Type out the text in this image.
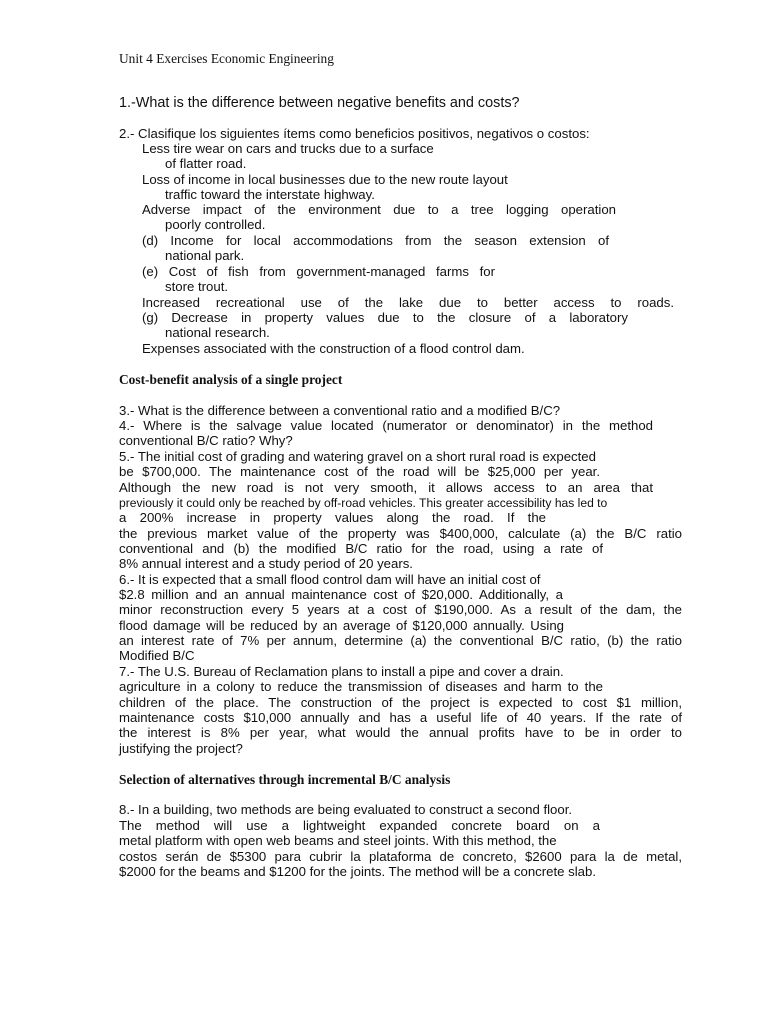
Unit 4 Exercises Economic Engineering

1.-What is the difference between negative benefits and costs?

2.- Clasifique los siguientes ítems como beneficios positivos, negativos o costos:

Less tire wear on cars and trucks due to a surface

of flatter road.

Loss of income in local businesses due to the new route layout

traffic toward the interstate highway.

Adverse impact of the environment due to a tree logging operation

poorly controlled.

(d) Income for local accommodations from the season extension of

national park.

(e) Cost of fish from government-managed farms for

store trout.

Increased recreational use of the lake due to better access to roads.

(g) Decrease in property values due to the closure of a laboratory

national research.

Expenses associated with the construction of a flood control dam.

Cost-benefit analysis of a single project

3.- What is the difference between a conventional ratio and a modified B/C?

4.- Where is the salvage value located (numerator or denominator) in the method

conventional B/C ratio? Why?

5.- The initial cost of grading and watering gravel on a short rural road is expected

be $700,000. The maintenance cost of the road will be $25,000 per year.

Although the new road is not very smooth, it allows access to an area that

previously it could only be reached by off-road vehicles. This greater accessibility has led to

a 200% increase in property values along the road. If the

the previous market value of the property was $400,000, calculate (a) the B/C ratio

conventional and (b) the modified B/C ratio for the road, using a rate of

8% annual interest and a study period of 20 years.

6.- It is expected that a small flood control dam will have an initial cost of

$2.8 million and an annual maintenance cost of $20,000. Additionally, a

minor reconstruction every 5 years at a cost of $190,000. As a result of the dam, the

flood damage will be reduced by an average of $120,000 annually. Using

an interest rate of 7% per annum, determine (a) the conventional B/C ratio, (b) the ratio

Modified B/C

7.- The U.S. Bureau of Reclamation plans to install a pipe and cover a drain.

agriculture in a colony to reduce the transmission of diseases and harm to the

children of the place. The construction of the project is expected to cost $1 million,

maintenance costs $10,000 annually and has a useful life of 40 years. If the rate of

the interest is 8% per year, what would the annual profits have to be in order to

justifying the project?

Selection of alternatives through incremental B/C analysis

8.- In a building, two methods are being evaluated to construct a second floor.

The method will use a lightweight expanded concrete board on a

metal platform with open web beams and steel joints. With this method, the

costos serán de $5300 para cubrir la plataforma de concreto, $2600 para la de metal,

$2000 for the beams and $1200 for the joints. The method will be a concrete slab.
